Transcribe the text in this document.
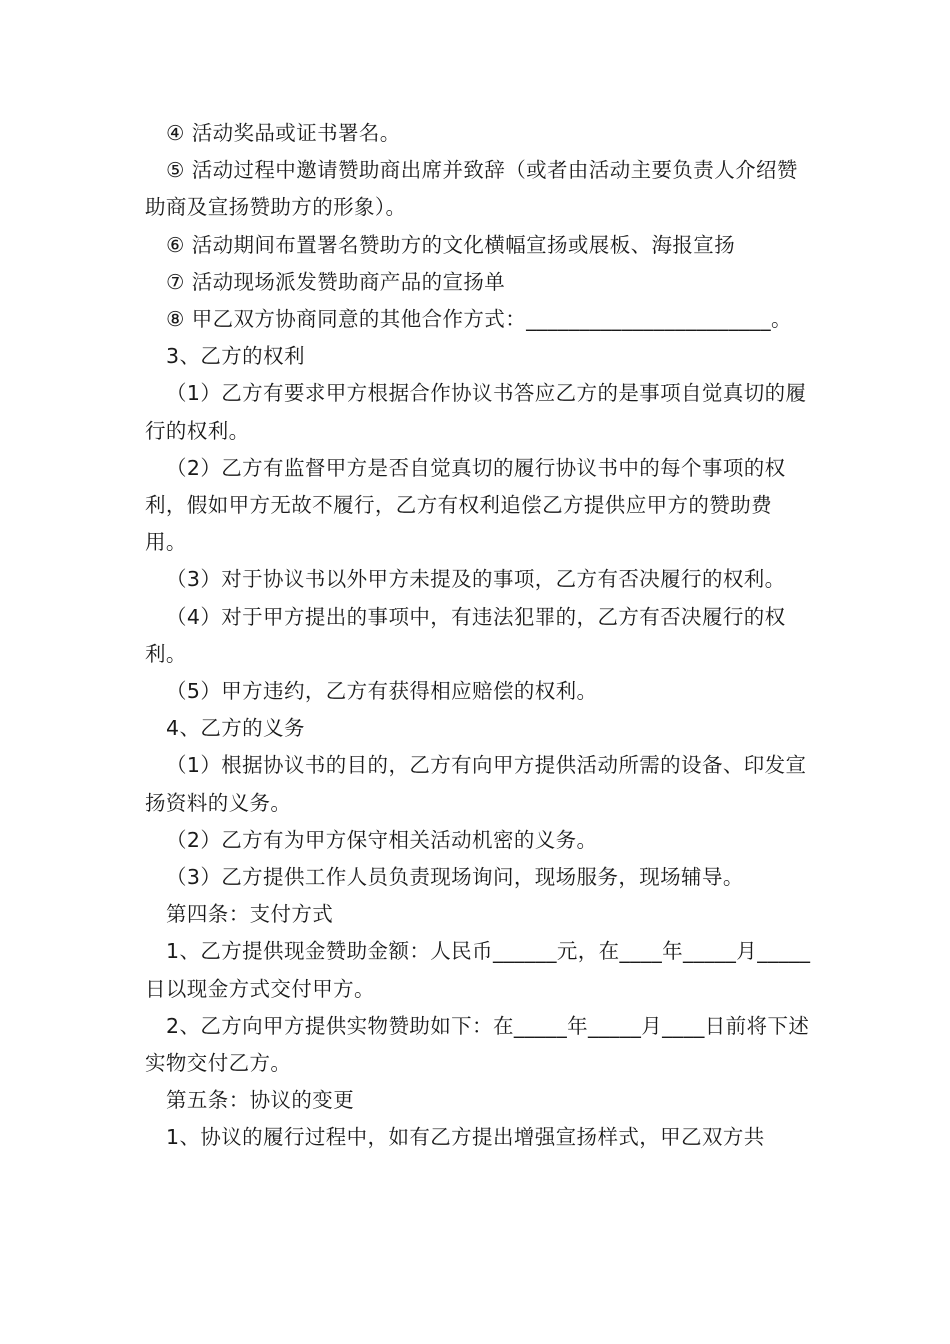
④ 活动奖品或证书署名。

⑤ 活动过程中邀请赞助商出席并致辞（或者由活动主要负责人介绍赞助商及宣扬赞助方的形象）。

⑥ 活动期间布置署名赞助方的文化横幅宣扬或展板、海报宣扬

⑦ 活动现场派发赞助商产品的宣扬单

⑧ 甲乙双方协商同意的其他合作方式：_______________________。

3、乙方的权利

（1）乙方有要求甲方根据合作协议书答应乙方的是事项自觉真切的履行的权利。

（2）乙方有监督甲方是否自觉真切的履行协议书中的每个事项的权利，假如甲方无故不履行，乙方有权利追偿乙方提供应甲方的赞助费用。

（3）对于协议书以外甲方未提及的事项，乙方有否决履行的权利。

（4）对于甲方提出的事项中，有违法犯罪的，乙方有否决履行的权利。

（5）甲方违约，乙方有获得相应赔偿的权利。

4、乙方的义务

（1）根据协议书的目的，乙方有向甲方提供活动所需的设备、印发宣扬资料的义务。

（2）乙方有为甲方保守相关活动机密的义务。

（3）乙方提供工作人员负责现场询问，现场服务，现场辅导。

第四条：支付方式

1、乙方提供现金赞助金额：人民币______元，在____年_____月_____日以现金方式交付甲方。

2、乙方向甲方提供实物赞助如下：在_____年_____月____日前将下述实物交付乙方。

第五条：协议的变更

1、协议的履行过程中，如有乙方提出增强宣扬样式，甲乙双方共
